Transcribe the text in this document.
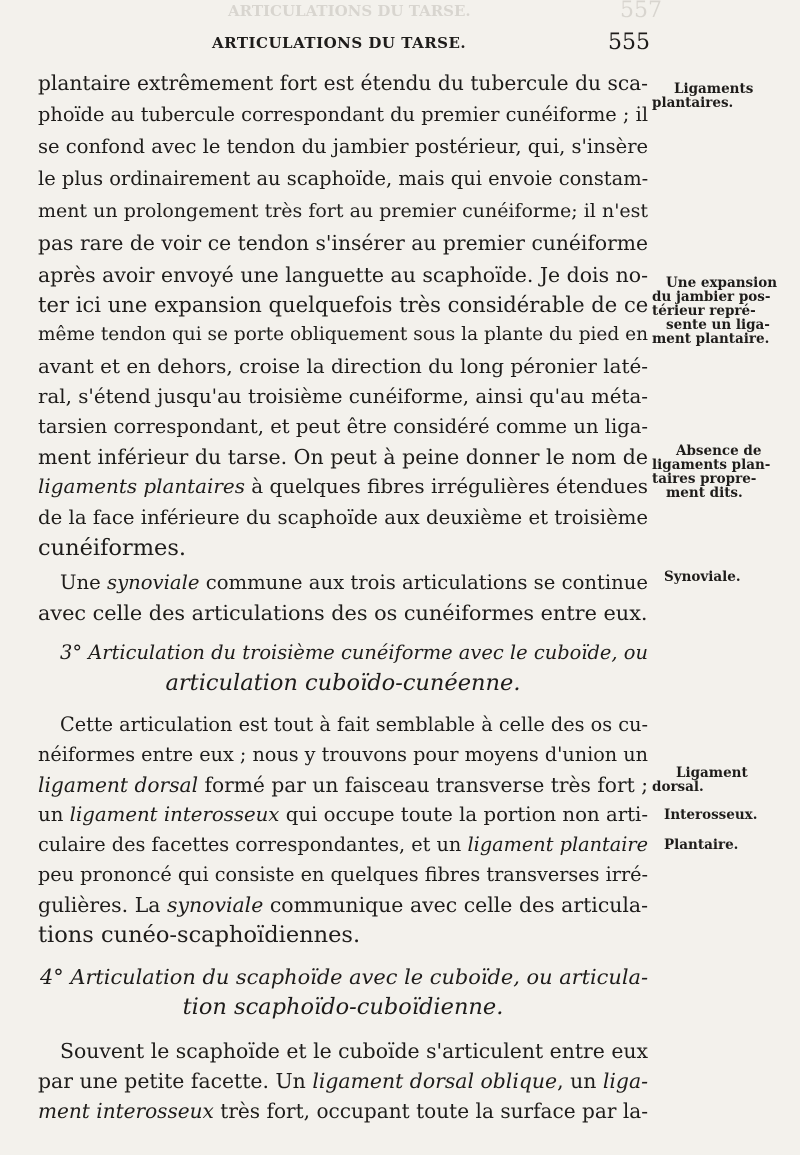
ARTICULATIONS DU TARSE.	557
ARTICULATIONS DU TARSE.	555
plantaire extrêmement fort est étendu du tubercule du sca-
phoïde au tubercule correspondant du premier cunéiforme ; il
se confond avec le tendon du jambier postérieur, qui, s'insère
le plus ordinairement au scaphoïde, mais qui envoie constam-
ment un prolongement très fort au premier cunéiforme; il n'est
pas rare de voir ce tendon s'insérer au premier cunéiforme
après avoir envoyé une languette au scaphoïde. Je dois no-
ter ici une expansion quelquefois très considérable de ce
même tendon qui se porte obliquement sous la plante du pied en
avant et en dehors, croise la direction du long péronier laté-
ral, s'étend jusqu'au troisième cunéiforme, ainsi qu'au méta-
tarsien correspondant, et peut être considéré comme un liga-
ment inférieur du tarse. On peut à peine donner le nom de
ligaments plantaires à quelques fibres irrégulières étendues
de la face inférieure du scaphoïde aux deuxième et troisième
cunéiformes.
Une synoviale commune aux trois articulations se continue
avec celle des articulations des os cunéiformes entre eux.
3° Articulation du troisième cunéiforme avec le cuboïde, ou
articulation cuboïdo-cunéenne.
Cette articulation est tout à fait semblable à celle des os cu-
néiformes entre eux ; nous y trouvons pour moyens d'union un
ligament dorsal formé par un faisceau transverse très fort ;
un ligament interosseux qui occupe toute la portion non arti-
culaire des facettes correspondantes, et un ligament plantaire
peu prononcé qui consiste en quelques fibres transverses irré-
gulières. La synoviale communique avec celle des articula-
tions cunéo-scaphoïdiennes.
4° Articulation du scaphoïde avec le cuboïde, ou articula-
tion scaphoïdo-cuboïdienne.
Souvent le scaphoïde et le cuboïde s'articulent entre eux
par une petite facette. Un ligament dorsal oblique, un liga-
ment interosseux très fort, occupant toute la surface par la-
Ligaments
plantaires.
Une expansion
du jambier pos-
térieur repré-
sente un liga-
ment plantaire.
Absence de
ligaments plan-
taires propre-
ment dits.
Synoviale.
Ligament
dorsal.
Interosseux.
Plantaire.
